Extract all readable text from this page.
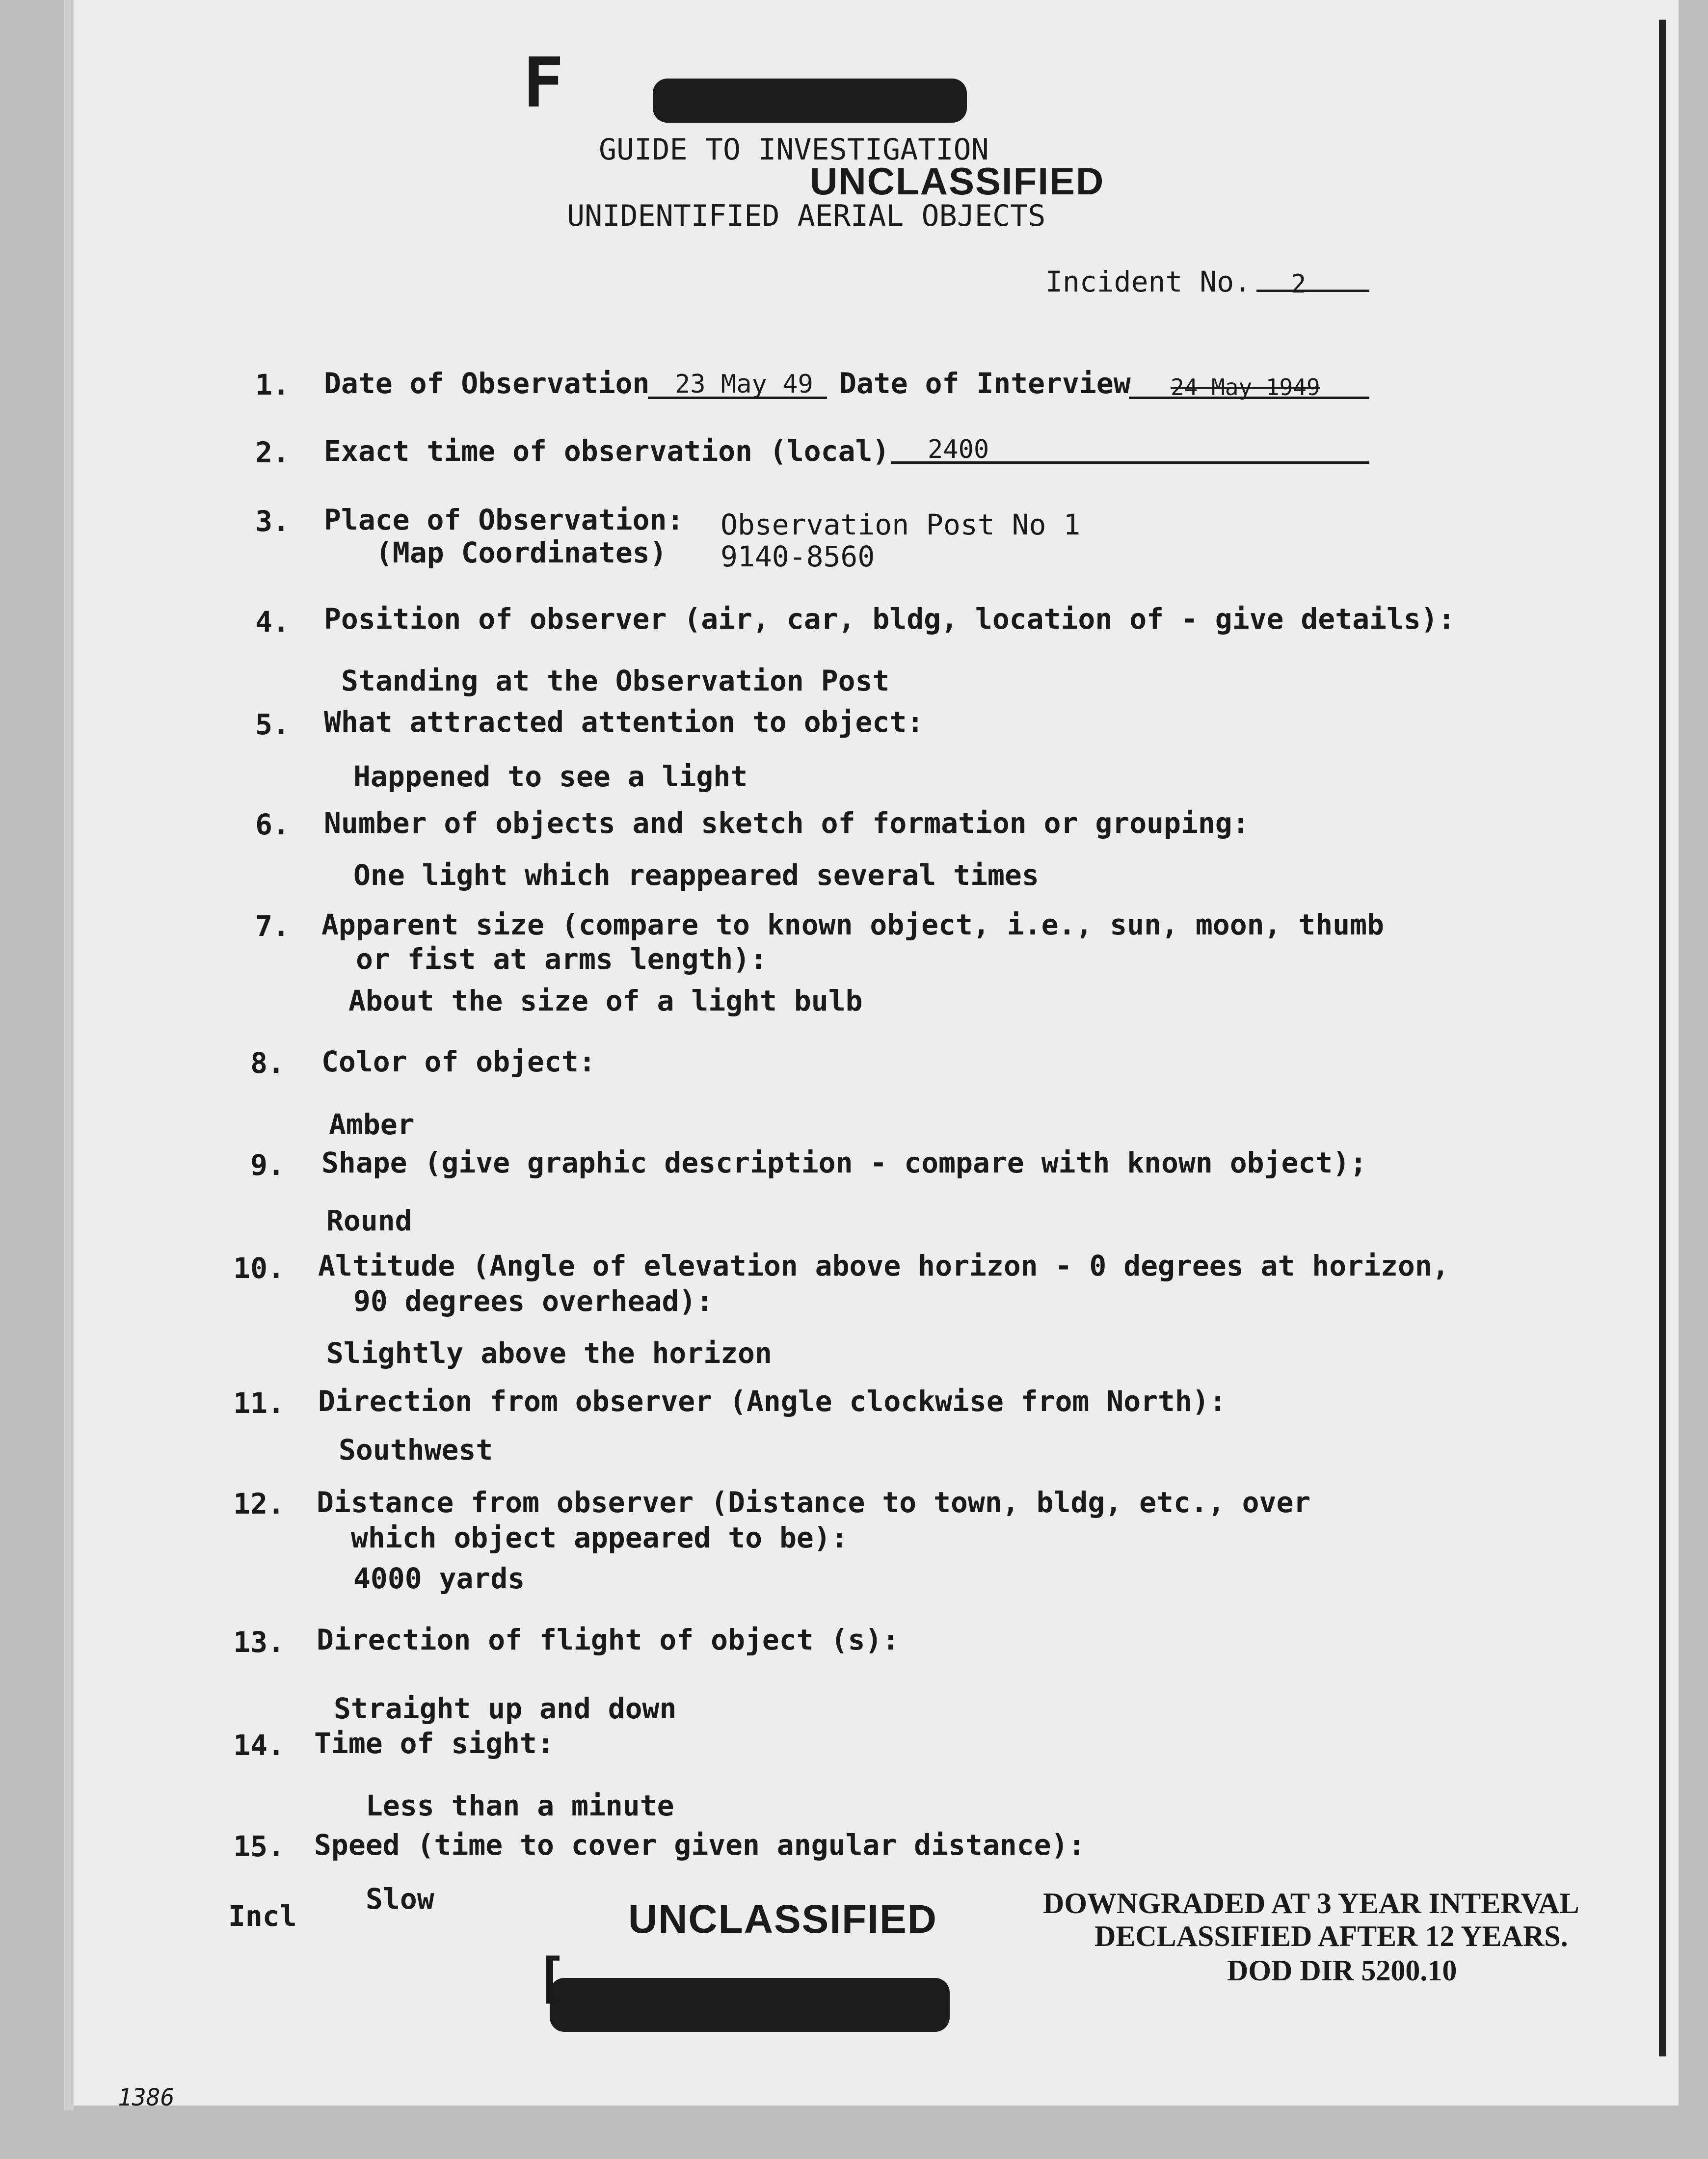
F
GUIDE TO INVESTIGATION
UNCLASSIFIED
UNIDENTIFIED AERIAL OBJECTS
Incident No. 2
1. Date of Observation 23 May 49 Date of Interview 24 May 1949
2. Exact time of observation (local) 2400
3. Place of Observation: Observation Post No 1
(Map Coordinates) 9140-8560
4. Position of observer (air, car, bldg, location of - give details):
Standing at the Observation Post
5. What attracted attention to object:
Happened to see a light
6. Number of objects and sketch of formation or grouping:
One light which reappeared several times
7. Apparent size (compare to known object, i.e., sun, moon, thumb
or fist at arms length):
About the size of a light bulb
8. Color of object:
Amber
9. Shape (give graphic description - compare with known object);
Round
10. Altitude (Angle of elevation above horizon - 0 degrees at horizon,
90 degrees overhead):
Slightly above the horizon
11. Direction from observer (Angle clockwise from North):
Southwest
12. Distance from observer (Distance to town, bldg, etc., over
which object appeared to be):
4000 yards
13. Direction of flight of object (s):
Straight up and down
14. Time of sight:
Less than a minute
15. Speed (time to cover given angular distance):
Slow
Incl	UNCLASSIFIED	DOWNGRADED AT 3 YEAR INTERVAL
DECLASSIFIED AFTER 12 YEARS.
DOD DIR 5200.10
[
1386
